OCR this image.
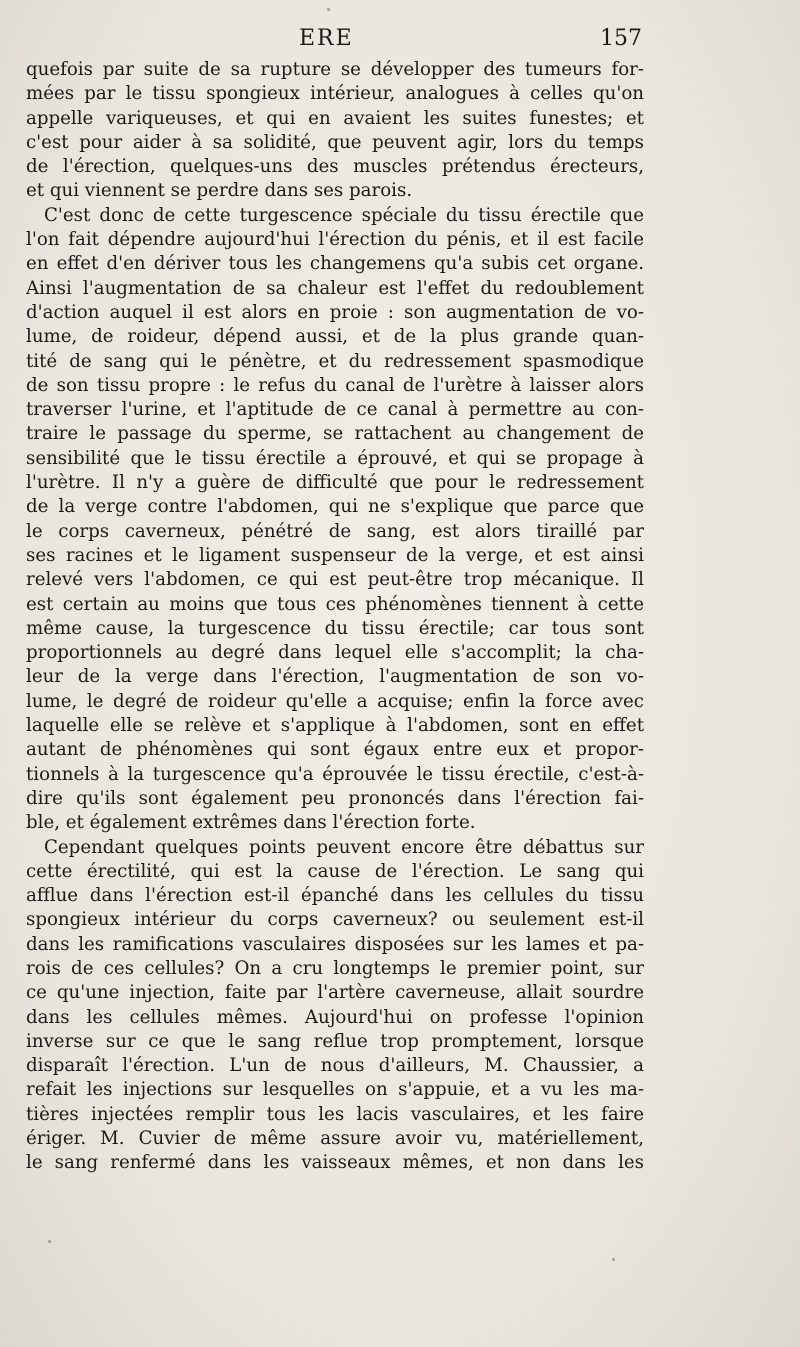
ERE	157
quefois par suite de sa rupture se développer des tumeurs for-
mées par le tissu spongieux intérieur, analogues à celles qu'on
appelle variqueuses, et qui en avaient les suites funestes; et
c'est pour aider à sa solidité, que peuvent agir, lors du temps
de l'érection, quelques-uns des muscles prétendus érecteurs,
et qui viennent se perdre dans ses parois.
C'est donc de cette turgescence spéciale du tissu érectile que
l'on fait dépendre aujourd'hui l'érection du pénis, et il est facile
en effet d'en dériver tous les changemens qu'a subis cet organe.
Ainsi l'augmentation de sa chaleur est l'effet du redoublement
d'action auquel il est alors en proie : son augmentation de vo-
lume, de roideur, dépend aussi, et de la plus grande quan-
tité de sang qui le pénètre, et du redressement spasmodique
de son tissu propre : le refus du canal de l'urètre à laisser alors
traverser l'urine, et l'aptitude de ce canal à permettre au con-
traire le passage du sperme, se rattachent au changement de
sensibilité que le tissu érectile a éprouvé, et qui se propage à
l'urètre. Il n'y a guère de difficulté que pour le redressement
de la verge contre l'abdomen, qui ne s'explique que parce que
le corps caverneux, pénétré de sang, est alors tiraillé par
ses racines et le ligament suspenseur de la verge, et est ainsi
relevé vers l'abdomen, ce qui est peut-être trop mécanique. Il
est certain au moins que tous ces phénomènes tiennent à cette
même cause, la turgescence du tissu érectile; car tous sont
proportionnels au degré dans lequel elle s'accomplit; la cha-
leur de la verge dans l'érection, l'augmentation de son vo-
lume, le degré de roideur qu'elle a acquise; enfin la force avec
laquelle elle se relève et s'applique à l'abdomen, sont en effet
autant de phénomènes qui sont égaux entre eux et propor-
tionnels à la turgescence qu'a éprouvée le tissu érectile, c'est-à-
dire qu'ils sont également peu prononcés dans l'érection fai-
ble, et également extrêmes dans l'érection forte.
Cependant quelques points peuvent encore être débattus sur
cette érectilité, qui est la cause de l'érection. Le sang qui
afflue dans l'érection est-il épanché dans les cellules du tissu
spongieux intérieur du corps caverneux? ou seulement est-il
dans les ramifications vasculaires disposées sur les lames et pa-
rois de ces cellules? On a cru longtemps le premier point, sur
ce qu'une injection, faite par l'artère caverneuse, allait sourdre
dans les cellules mêmes. Aujourd'hui on professe l'opinion
inverse sur ce que le sang reflue trop promptement, lorsque
disparaît l'érection. L'un de nous d'ailleurs, M. Chaussier, a
refait les injections sur lesquelles on s'appuie, et a vu les ma-
tières injectées remplir tous les lacis vasculaires, et les faire
ériger. M. Cuvier de même assure avoir vu, matériellement,
le sang renfermé dans les vaisseaux mêmes, et non dans les
